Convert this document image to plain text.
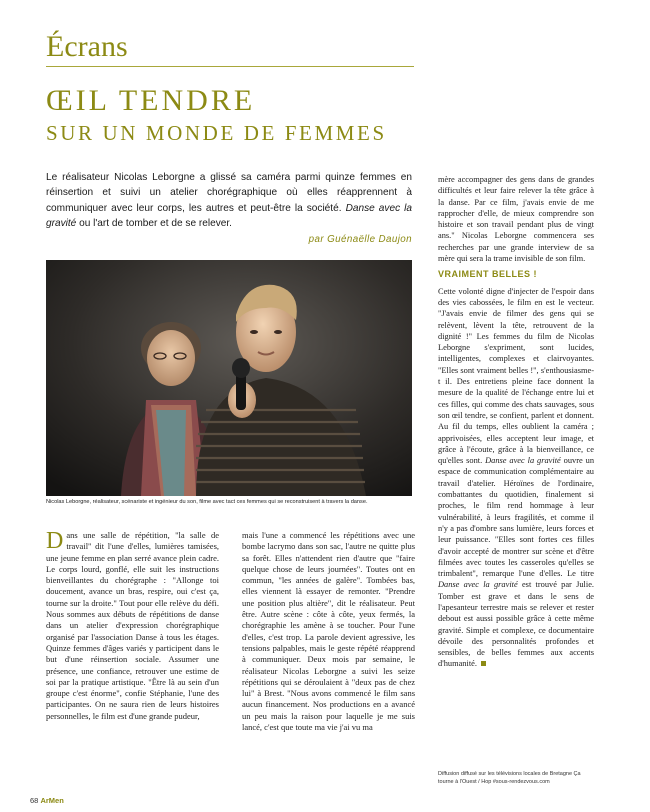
Écrans
ŒIL TENDRE
SUR UN MONDE DE FEMMES
Le réalisateur Nicolas Leborgne a glissé sa caméra parmi quinze femmes en réinsertion et suivi un atelier chorégraphique où elles réapprennent à communiquer avec leur corps, les autres et peut-être la société. Danse avec la gravité ou l'art de tomber et de se relever.
par Guénaëlle Daujon
Nicolas Leborgne, réalisateur, scénariste et ingénieur du son, filme avec tact ces femmes qui se reconstruisent à travers la danse.
D ans une salle de répétition, "la salle de travail" dit l'une d'elles, lumières tamisées, une jeune femme en plan serré avance plein cadre. Le corps lourd, gonflé, elle suit les instructions bienveillantes du chorégraphe : "Allonge toi doucement, avance un bras, respire, oui c'est ça, tourne sur la droite." Tout pour elle relève du défi. Nous sommes aux débuts de répétitions de danse dans un atelier d'expression chorégraphique organisé par l'association Danse à tous les étages. Quinze femmes d'âges variés y participent dans le but d'une réinsertion sociale. Assumer une présence, une confiance, retrouver une estime de soi par la pratique artistique. "Être là au sein d'un groupe c'est énorme", confie Stéphanie, l'une des participantes. On ne saura rien de leurs histoires personnelles, le film est d'une grande pudeur,
mais l'une a commencé les répétitions avec une bombe lacrymo dans son sac, l'autre ne quitte plus sa forêt. Elles n'attendent rien d'autre que "faire quelque chose de leurs journées". Toutes ont en commun, "les années de galère". Tombées bas, elles viennent là essayer de remonter. "Prendre une position plus altière", dit le réalisateur. Peut être. Autre scène : côte à côte, yeux fermés, la chorégraphie les amène à se toucher. Pour l'une d'elles, c'est trop. La parole devient agressive, les tensions palpables, mais le geste répété réapprend à communiquer. Deux mois par semaine, le réalisateur Nicolas Leborgne a suivi les seize répétitions qui se déroulaient à "deux pas de chez lui" à Brest. "Nous avons commencé le film sans aucun financement. Nos productions en a avancé un peu mais la raison pour laquelle je me suis lancé, c'est que toute ma vie j'ai vu ma

mère accompagner des gens dans de grandes difficultés et leur faire relever la tête grâce à la danse. Par ce film, j'avais envie de me rapprocher d'elle, de mieux comprendre son histoire et son travail pendant plus de vingt ans." Nicolas Leborgne commencera ses recherches par une grande interview de sa mère qui sera la trame invisible de son film.

VRAIMENT BELLES !

Cette volonté digne d'injecter de l'espoir dans des vies cabossées, le film en est le vecteur. "J'avais envie de filmer des gens qui se relèvent, lèvent la tête, retrouvent de la dignité !" Les femmes du film de Nicolas Leborgne s'expriment, sont lucides, intelligentes, complexes et clairvoyantes. "Elles sont vraiment belles !", s'enthousiasme-t il. Des entretiens pleine face donnent la mesure de la qualité de l'échange entre lui et ces filles, qui comme des chats sauvages, sous son œil tendre, se confient, parlent et donnent. Au fil du temps, elles oublient la caméra ; apprivoisées, elles acceptent leur image, et grâce à l'écoute, grâce à la bienveillance, ce qu'elles sont. Danse avec la gravité ouvre un espace de communication complémentaire au travail d'atelier. Héroïnes de l'ordinaire, combattantes du quotidien, finalement si proches, le film rend hommage à leur vulnérabilité, à leurs fragilités, et comme il n'y a pas d'ombre sans lumière, leurs forces et leur puissance. "Elles sont fortes ces filles d'avoir accepté de montrer sur scène et d'être filmées avec toutes les casseroles qu'elles se trimbalent", remarque l'une d'elles. Le titre Danse avec la gravité est trouvé par Julie. Tomber est grave et dans le sens de l'apesanteur terrestre mais se relever et rester debout est aussi possible grâce à cette même gravité. Simple et complexe, ce documentaire dévoile des personnalités profondes et sensibles, de belles femmes aux accents d'humanité.

Diffusion diffusé sur les télévisions locales de Bretagne Ça tourne à l'Ouest / Hop #sous-rendezvous.com
68 ArMen
